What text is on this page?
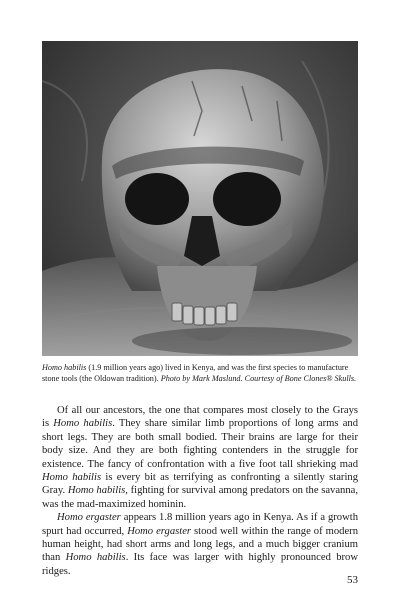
Homo habilis (1.9 million years ago) lived in Kenya, and was the first species to manufacture stone tools (the Oldowan tradition). Photo by Mark Maslund. Courtesy of Bone Clones® Skulls.

Of all our ancestors, the one that compares most closely to the Grays is Homo habilis. They share similar limb proportions of long arms and short legs. They are both small bodied. Their brains are large for their body size. And they are both fighting contenders in the struggle for existence. The fancy of confrontation with a five foot tall shrieking mad Homo habilis is every bit as terrifying as confronting a silently staring Gray. Homo habilis, fighting for survival among predators on the savanna, was the mad-maximized hominin.

Homo ergaster appears 1.8 million years ago in Kenya. As if a growth spurt had occurred, Homo ergaster stood well within the range of modern human height, had short arms and long legs, and a much bigger cranium than Homo habilis. Its face was larger with highly pronounced brow ridges.

53
